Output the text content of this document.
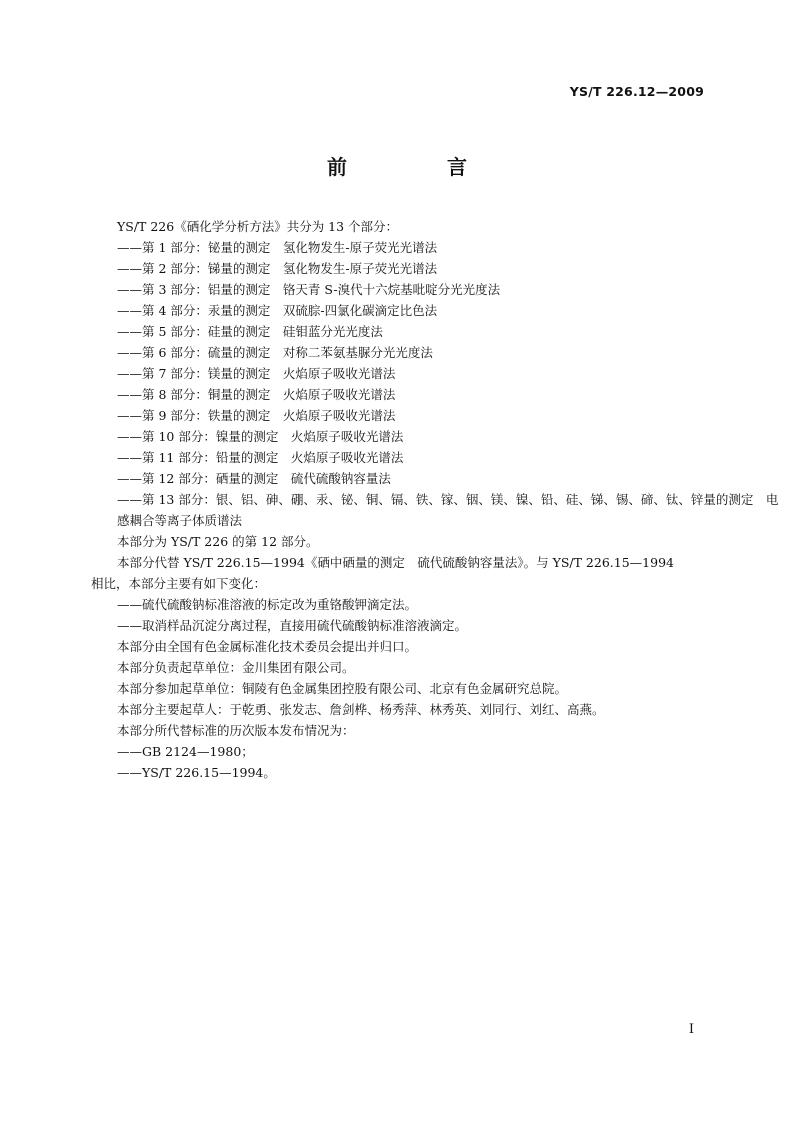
YS/T 226.12—2009
前　言

YS/T 226《硒化学分析方法》共分为 13 个部分：

——第 1 部分：铋量的测定　氢化物发生-原子荧光光谱法

——第 2 部分：锑量的测定　氢化物发生-原子荧光光谱法

——第 3 部分：铝量的测定　铬天青 S-溴代十六烷基吡啶分光光度法

——第 4 部分：汞量的测定　双硫腙-四氯化碳滴定比色法

——第 5 部分：硅量的测定　硅钼蓝分光光度法

——第 6 部分：硫量的测定　对称二苯氨基脲分光光度法

——第 7 部分：镁量的测定　火焰原子吸收光谱法

——第 8 部分：铜量的测定　火焰原子吸收光谱法

——第 9 部分：铁量的测定　火焰原子吸收光谱法

——第 10 部分：镍量的测定　火焰原子吸收光谱法

——第 11 部分：铅量的测定　火焰原子吸收光谱法

——第 12 部分：硒量的测定　硫代硫酸钠容量法

——第 13 部分：银、铝、砷、硼、汞、铋、铜、镉、铁、镓、铟、镁、镍、铅、硅、锑、锡、碲、钛、锌量的测定　电

感耦合等离子体质谱法

本部分为 YS/T 226 的第 12 部分。

本部分代替 YS/T 226.15—1994《硒中硒量的测定　硫代硫酸钠容量法》。与 YS/T 226.15—1994

相比，本部分主要有如下变化：

——硫代硫酸钠标准溶液的标定改为重铬酸钾滴定法。

——取消样品沉淀分离过程，直接用硫代硫酸钠标准溶液滴定。

本部分由全国有色金属标准化技术委员会提出并归口。

本部分负责起草单位：金川集团有限公司。

本部分参加起草单位：铜陵有色金属集团控股有限公司、北京有色金属研究总院。

本部分主要起草人：于乾勇、张发志、詹剑桦、杨秀萍、林秀英、刘同行、刘红、高燕。

本部分所代替标准的历次版本发布情况为：

——GB 2124—1980；

——YS/T 226.15—1994。

I
